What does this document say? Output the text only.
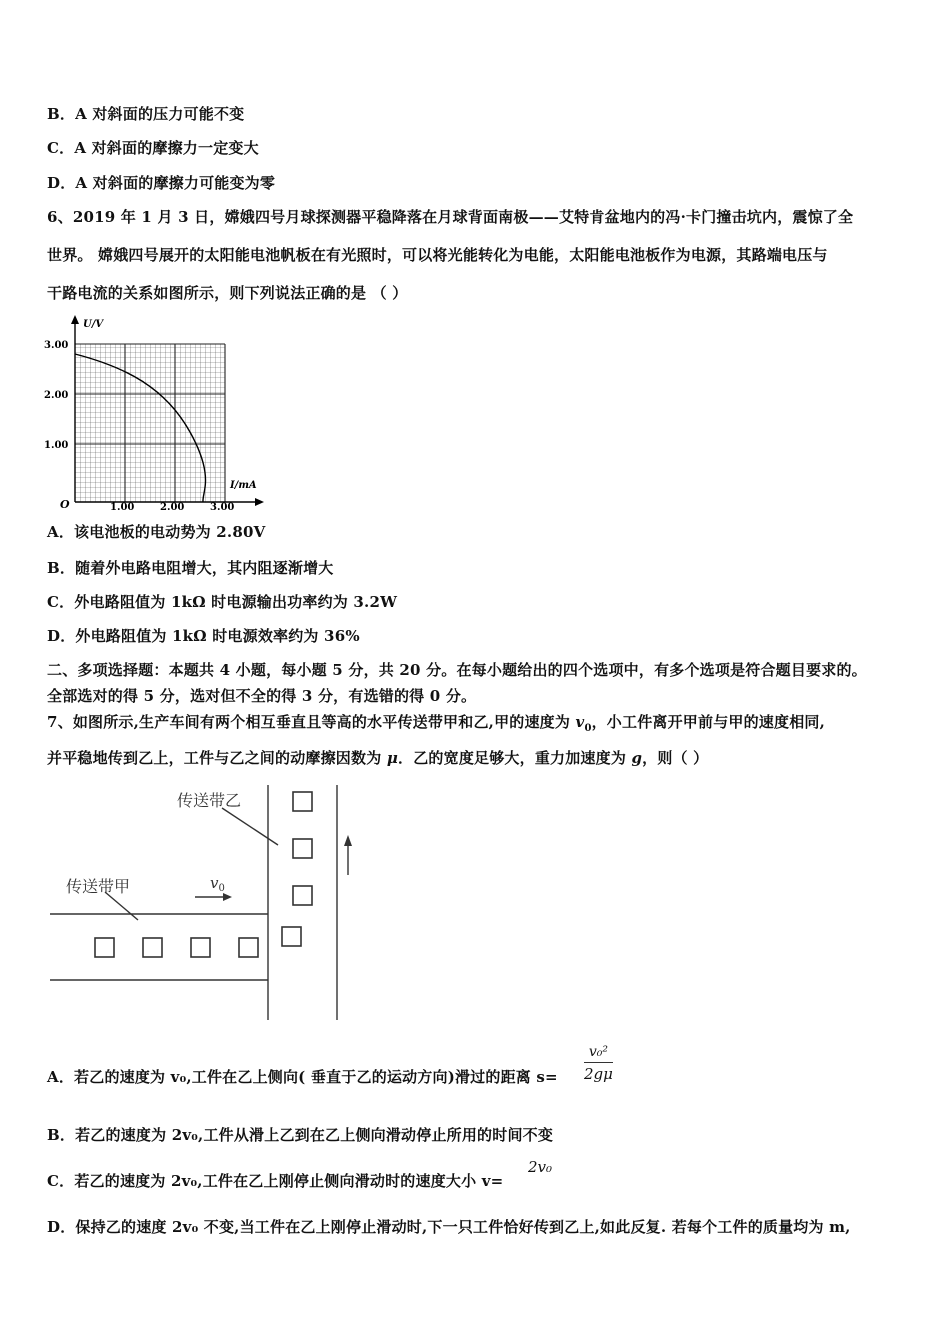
B．A 对斜面的压力可能不变
C．A 对斜面的摩擦力一定变大
D．A 对斜面的摩擦力可能变为零
6、2019 年 1 月 3 日，嫦娥四号月球探测器平稳降落在月球背面南极——艾特肯盆地内的冯·卡门撞击坑内，震惊了全
世界。 嫦娥四号展开的太阳能电池帆板在有光照时，可以将光能转化为电能，太阳能电池板作为电源，其路端电压与
干路电流的关系如图所示，则下列说法正确的是 （ ）
U/V
I/mA
O
3.00
2.00
1.00
1.00	2.00	3.00
A．该电池板的电动势为 2.80V
B．随着外电路电阻增大，其内阻逐渐增大
C．外电路阻值为 1kΩ 时电源输出功率约为 3.2W
D．外电路阻值为 1kΩ 时电源效率约为 36%
二、多项选择题：本题共 4 小题，每小题 5 分，共 20 分。在每小题给出的四个选项中，有多个选项是符合题目要求的。
全部选对的得 5 分，选对但不全的得 3 分，有选错的得 0 分。
7、如图所示,生产车间有两个相互垂直且等高的水平传送带甲和乙,甲的速度为 $v_0$，小工件离开甲前与甲的速度相同,
并平稳地传到乙上，工件与乙之间的动摩擦因数为 μ．乙的宽度足够大，重力加速度为 g，则（ ）
传送带乙
传送带甲	$v_0$
A．若乙的速度为 v₀,工件在乙上侧向( 垂直于乙的运动方向)滑过的距离 $s= \frac{\text{v₀²}}{2g\mu}$
B．若乙的速度为 2v₀,工件从滑上乙到在乙上侧向滑动停止所用的时间不变
C．若乙的速度为 2v₀,工件在乙上刚停止侧向滑动时的速度大小 v=
2v₀
D．保持乙的速度 2v₀ 不变,当工件在乙上刚停止滑动时,下一只工件恰好传到乙上,如此反复. 若每个工件的质量均为 m,
